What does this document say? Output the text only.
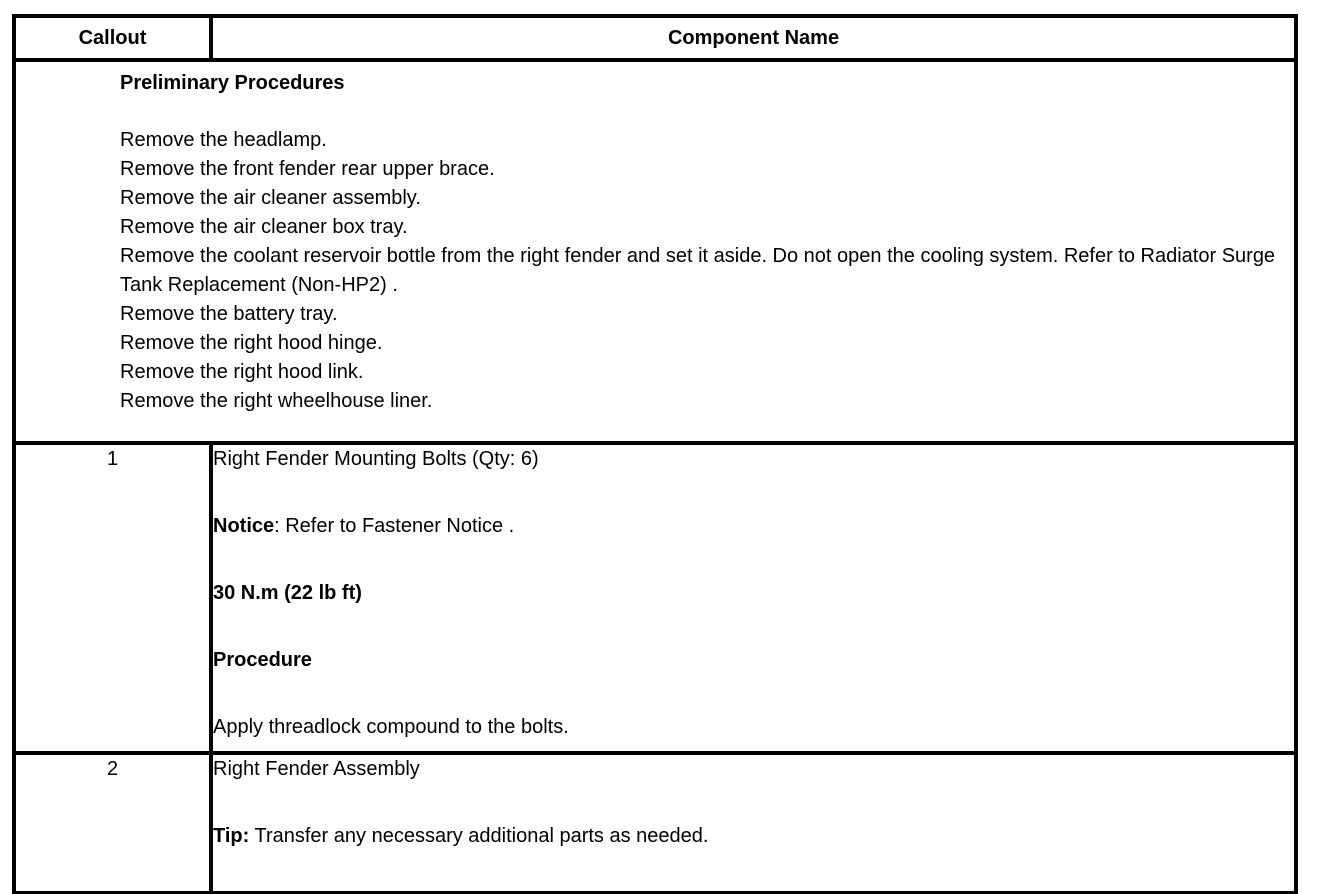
Callout	Component Name

Preliminary Procedures
Remove the headlamp.
Remove the front fender rear upper brace.
Remove the air cleaner assembly.
Remove the air cleaner box tray.
Remove the coolant reservoir bottle from the right fender and set it aside. Do not open the cooling system. Refer to Radiator Surge Tank Replacement (Non-HP2) .
Remove the battery tray.
Remove the right hood hinge.
Remove the right hood link.
Remove the right wheelhouse liner.

1	Right Fender Mounting Bolts (Qty: 6)

Notice: Refer to Fastener Notice .

30 N.m (22 lb ft)

Procedure

Apply threadlock compound to the bolts.

2	Right Fender Assembly

Tip: Transfer any necessary additional parts as needed.
